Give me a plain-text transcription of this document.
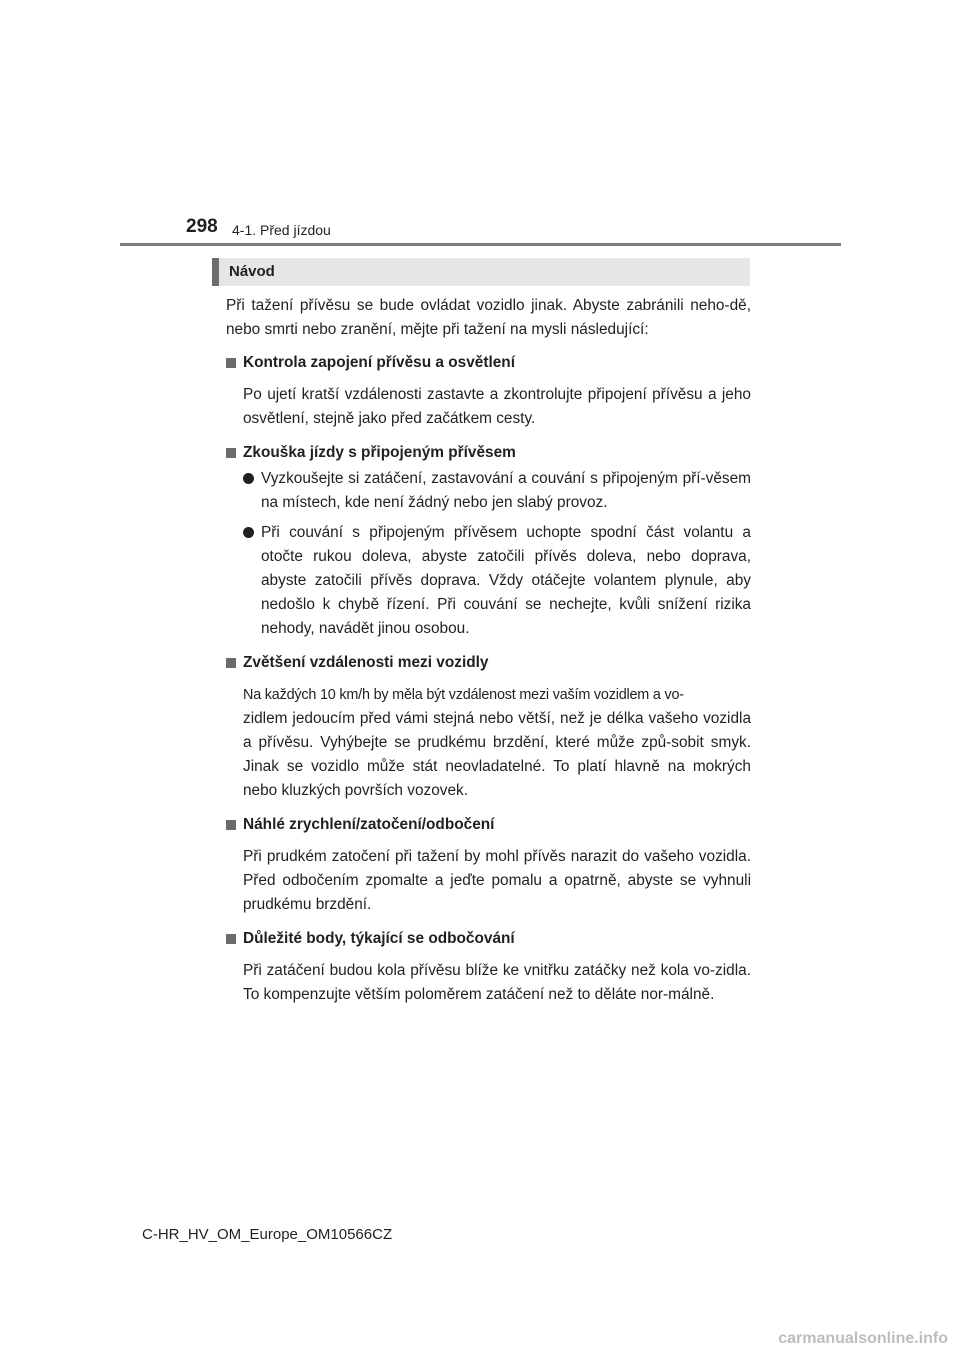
298 4-1. Před jízdou
Návod

Při tažení přívěsu se bude ovládat vozidlo jinak. Abyste zabránili neho-dě, nebo smrti nebo zranění, mějte při tažení na mysli následující:

Kontrola zapojení přívěsu a osvětlení

Po ujetí kratší vzdálenosti zastavte a zkontrolujte připojení přívěsu a jeho osvětlení, stejně jako před začátkem cesty.

Zkouška jízdy s připojeným přívěsem

Vyzkoušejte si zatáčení, zastavování a couvání s připojeným pří-věsem na místech, kde není žádný nebo jen slabý provoz.

Při couvání s připojeným přívěsem uchopte spodní část volantu a otočte rukou doleva, abyste zatočili přívěs doleva, nebo doprava, abyste zatočili přívěs doprava. Vždy otáčejte volantem plynule, aby nedošlo k chybě řízení. Při couvání se nechejte, kvůli snížení rizika nehody, navádět jinou osobou.

Zvětšení vzdálenosti mezi vozidly

Na každých 10 km/h by měla být vzdálenost mezi vaším vozidlem a vo-

zidlem jedoucím před vámi stejná nebo větší, než je délka vašeho vozidla a přívěsu. Vyhýbejte se prudkému brzdění, které může způ-sobit smyk. Jinak se vozidlo může stát neovladatelné. To platí hlavně na mokrých nebo kluzkých površích vozovek.

Náhlé zrychlení/zatočení/odbočení

Při prudkém zatočení při tažení by mohl přívěs narazit do vašeho vozidla. Před odbočením zpomalte a jeďte pomalu a opatrně, abyste se vyhnuli prudkému brzdění.

Důležité body, týkající se odbočování

Při zatáčení budou kola přívěsu blíže ke vnitřku zatáčky než kola vo-zidla. To kompenzujte větším poloměrem zatáčení než to děláte nor-málně.

C-HR_HV_OM_Europe_OM10566CZ
carmanualsonline.info
